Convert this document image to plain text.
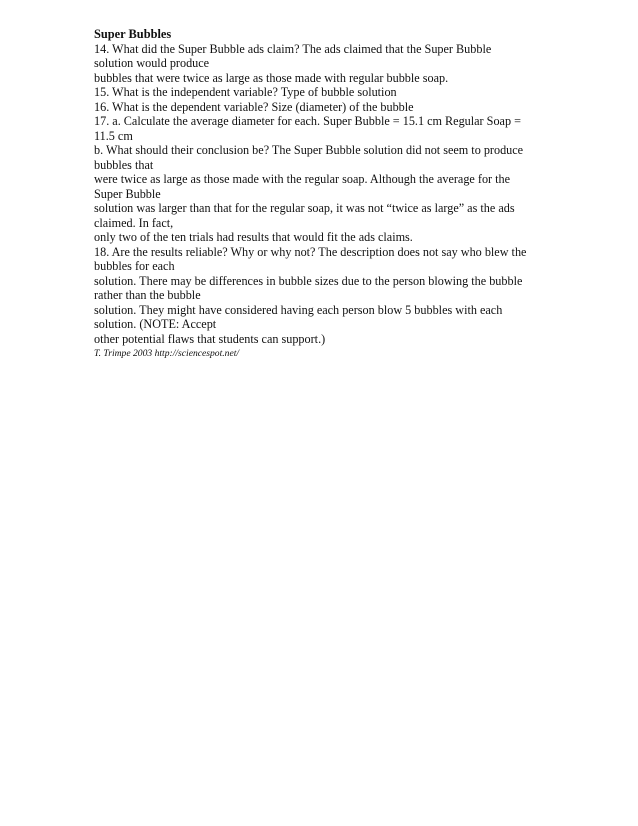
Super Bubbles

14. What did the Super Bubble ads claim? The ads claimed that the Super Bubble

solution would produce

bubbles that were twice as large as those made with regular bubble soap.

15. What is the independent variable? Type of bubble solution

16. What is the dependent variable? Size (diameter) of the bubble

17. a. Calculate the average diameter for each. Super Bubble = 15.1 cm Regular Soap =

11.5 cm

b. What should their conclusion be? The Super Bubble solution did not seem to produce

bubbles that

were twice as large as those made with the regular soap. Although the average for the

Super Bubble

solution was larger than that for the regular soap, it was not “twice as large” as the ads

claimed. In fact,

only two of the ten trials had results that would fit the ads claims.

18. Are the results reliable? Why or why not? The description does not say who blew the

bubbles for each

solution. There may be differences in bubble sizes due to the person blowing the bubble

rather than the bubble

solution. They might have considered having each person blow 5 bubbles with each

solution. (NOTE: Accept

other potential flaws that students can support.)

T. Trimpe 2003 http://sciencespot.net/
